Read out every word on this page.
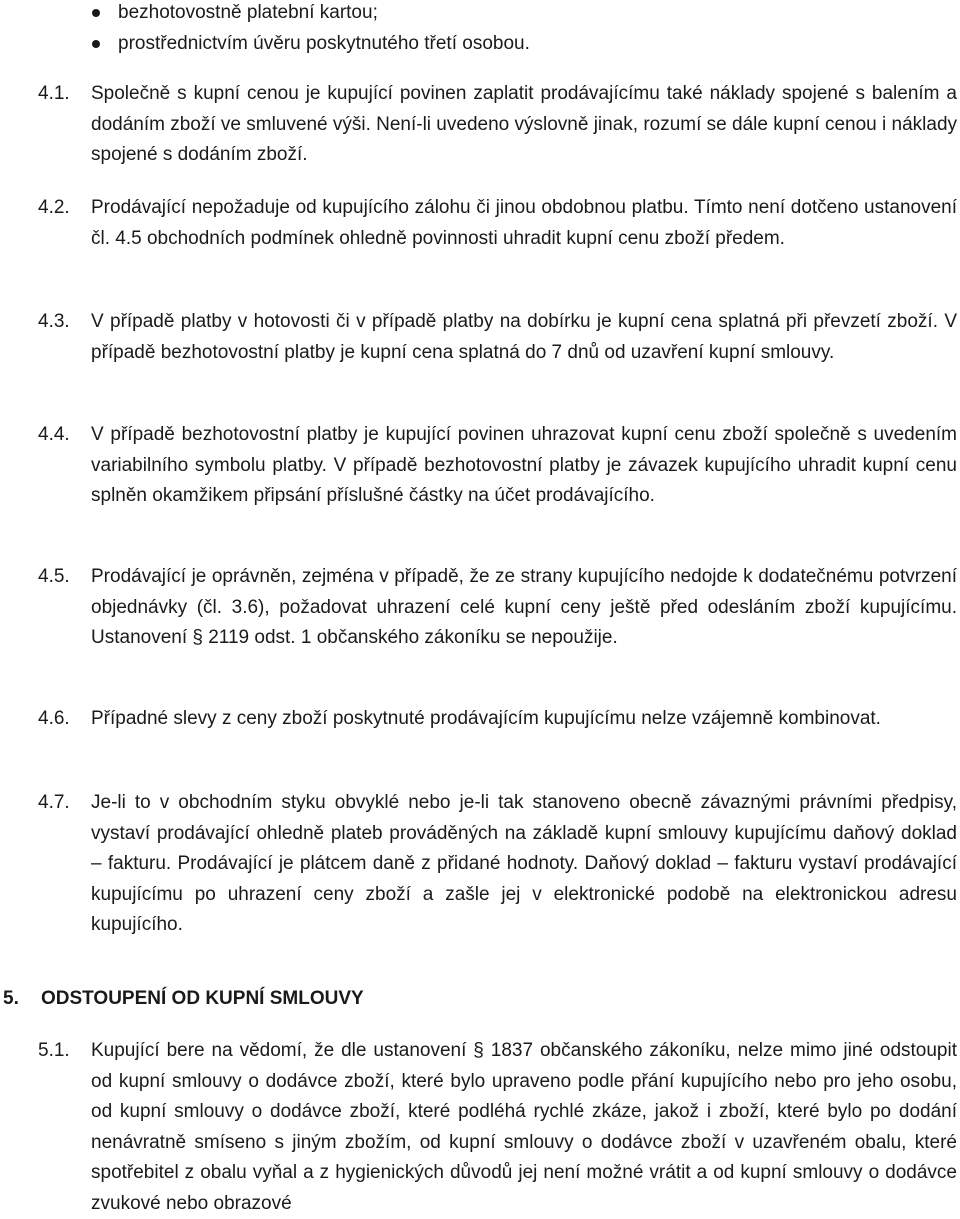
bezhotovostně platební kartou;
prostřednictvím úvěru poskytnutého třetí osobou.
4.1. Společně s kupní cenou je kupující povinen zaplatit prodávajícímu také náklady spojené s balením a dodáním zboží ve smluvené výši. Není-li uvedeno výslovně jinak, rozumí se dále kupní cenou i náklady spojené s dodáním zboží.
4.2. Prodávající nepožaduje od kupujícího zálohu či jinou obdobnou platbu. Tímto není dotčeno ustanovení čl. 4.5 obchodních podmínek ohledně povinnosti uhradit kupní cenu zboží předem.
4.3. V případě platby v hotovosti či v případě platby na dobírku je kupní cena splatná při převzetí zboží. V případě bezhotovostní platby je kupní cena splatná do 7 dnů od uzavření kupní smlouvy.
4.4. V případě bezhotovostní platby je kupující povinen uhrazovat kupní cenu zboží společně s uvedením variabilního symbolu platby. V případě bezhotovostní platby je závazek kupujícího uhradit kupní cenu splněn okamžikem připsání příslušné částky na účet prodávajícího.
4.5. Prodávající je oprávněn, zejména v případě, že ze strany kupujícího nedojde k dodatečnému potvrzení objednávky (čl. 3.6), požadovat uhrazení celé kupní ceny ještě před odesláním zboží kupujícímu. Ustanovení § 2119 odst. 1 občanského zákoníku se nepoužije.
4.6. Případné slevy z ceny zboží poskytnuté prodávajícím kupujícímu nelze vzájemně kombinovat.
4.7. Je-li to v obchodním styku obvyklé nebo je-li tak stanoveno obecně závaznými právními předpisy, vystaví prodávající ohledně plateb prováděných na základě kupní smlouvy kupujícímu daňový doklad – fakturu. Prodávající je plátcem daně z přidané hodnoty. Daňový doklad – fakturu vystaví prodávající kupujícímu po uhrazení ceny zboží a zašle jej v elektronické podobě na elektronickou adresu kupujícího.
5. ODSTOUPENÍ OD KUPNÍ SMLOUVY
5.1. Kupující bere na vědomí, že dle ustanovení § 1837 občanského zákoníku, nelze mimo jiné odstoupit od kupní smlouvy o dodávce zboží, které bylo upraveno podle přání kupujícího nebo pro jeho osobu, od kupní smlouvy o dodávce zboží, které podléhá rychlé zkáze, jakož i zboží, které bylo po dodání nenávratně smíseno s jiným zbožím, od kupní smlouvy o dodávce zboží v uzavřeném obalu, které spotřebitel z obalu vyňal a z hygienických důvodů jej není možné vrátit a od kupní smlouvy o dodávce zvukové nebo obrazové
